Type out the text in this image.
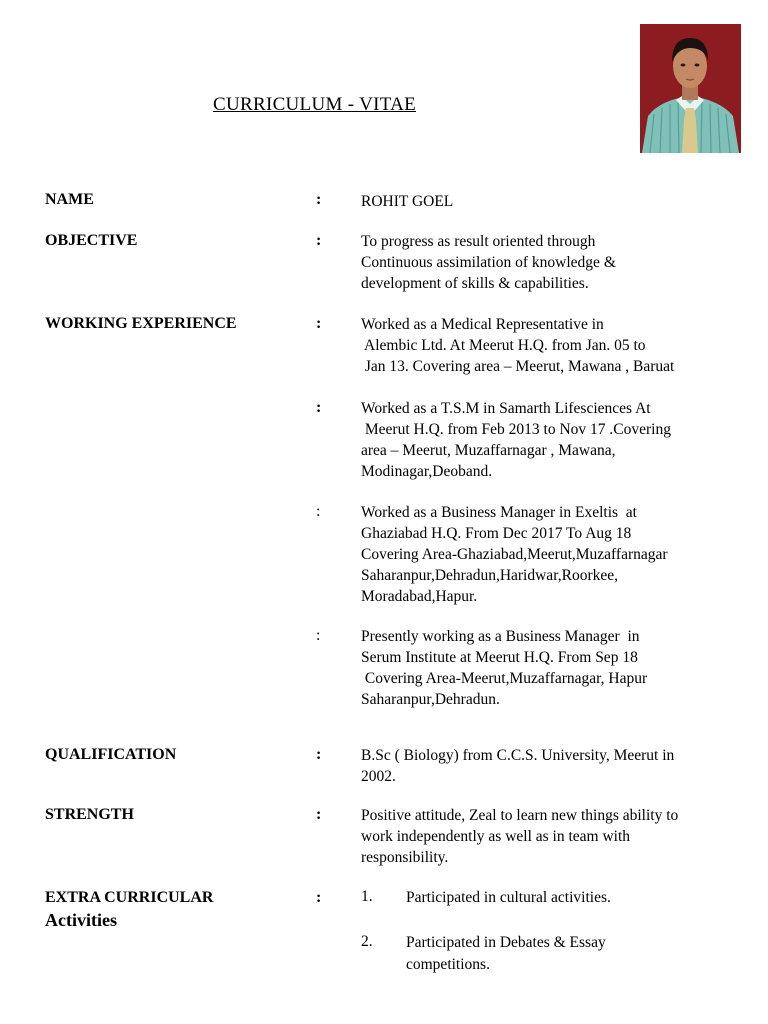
CURRICULUM - VITAE
NAME	:	ROHIT GOEL
OBJECTIVE	:	To progress as result oriented through
Continuous assimilation of knowledge &
development of skills & capabilities.
WORKING EXPERIENCE	:	Worked as a Medical Representative in
Alembic Ltd. At Meerut H.Q. from Jan. 05 to
Jan 13. Covering area – Meerut, Mawana , Baruat
:	Worked as a T.S.M in Samarth Lifesciences At
Meerut H.Q. from Feb 2013 to Nov 17 .Covering
area – Meerut, Muzaffarnagar , Mawana,
Modinagar,Deoband.
:	Worked as a Business Manager in Exeltis  at
Ghaziabad H.Q. From Dec 2017 To Aug 18
Covering Area-Ghaziabad,Meerut,Muzaffarnagar
Saharanpur,Dehradun,Haridwar,Roorkee,
Moradabad,Hapur.
:	Presently working as a Business Manager  in
Serum Institute at Meerut H.Q. From Sep 18
Covering Area-Meerut,Muzaffarnagar, Hapur
Saharanpur,Dehradun.
QUALIFICATION	:	B.Sc ( Biology) from C.C.S. University, Meerut in
2002.
STRENGTH	:	Positive attitude, Zeal to learn new things ability to
work independently as well as in team with
responsibility.
EXTRA CURRICULAR
Activities
:	1. Participated in cultural activities.
2. Participated in Debates & Essay
competitions.
